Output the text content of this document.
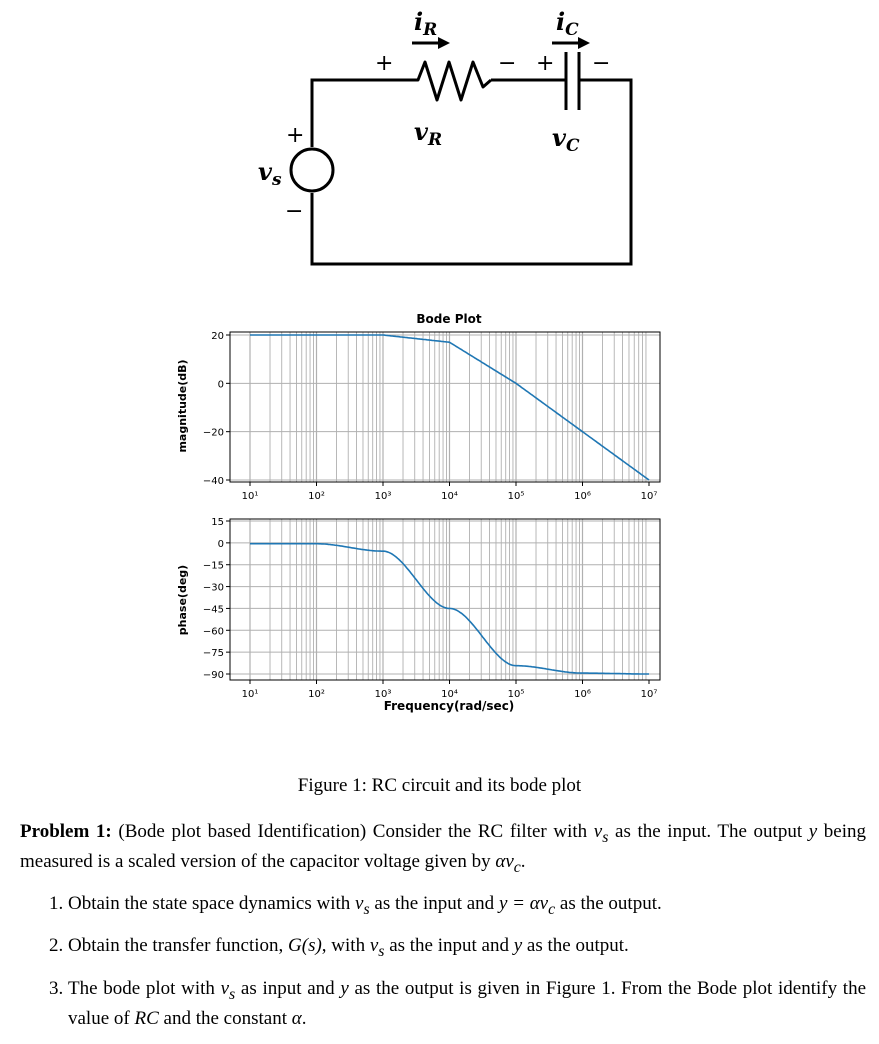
$i_R$	$i_C$
$v_R$	$v_C$
$v_s$
+	− + −
+
−
Bode Plot
20
0
−20
−40
10¹	10²	10³	10⁴	10⁵	10⁶	10⁷
15
0
−15
−30
−45
−60
−75
−90
10¹	10²	10³	10⁴	10⁵	10⁶	10⁷
magnitude(dB)
phase(deg)
Frequency(rad/sec)
Figure 1: RC circuit and its bode plot

Problem 1: (Bode plot based Identification) Consider the RC filter with $v_s$ as the input. The output y being measured is a scaled version of the capacitor voltage given by $\alpha v_c$.

1. Obtain the state space dynamics with $v_s$ as the input and $y = \alpha v_c$ as the output.
2. Obtain the transfer function, G(s), with $v_s$ as the input and y as the output.
3. The bode plot with $v_s$ as input and y as the output is given in Figure 1. From the Bode plot identify the value of RC and the constant α.
